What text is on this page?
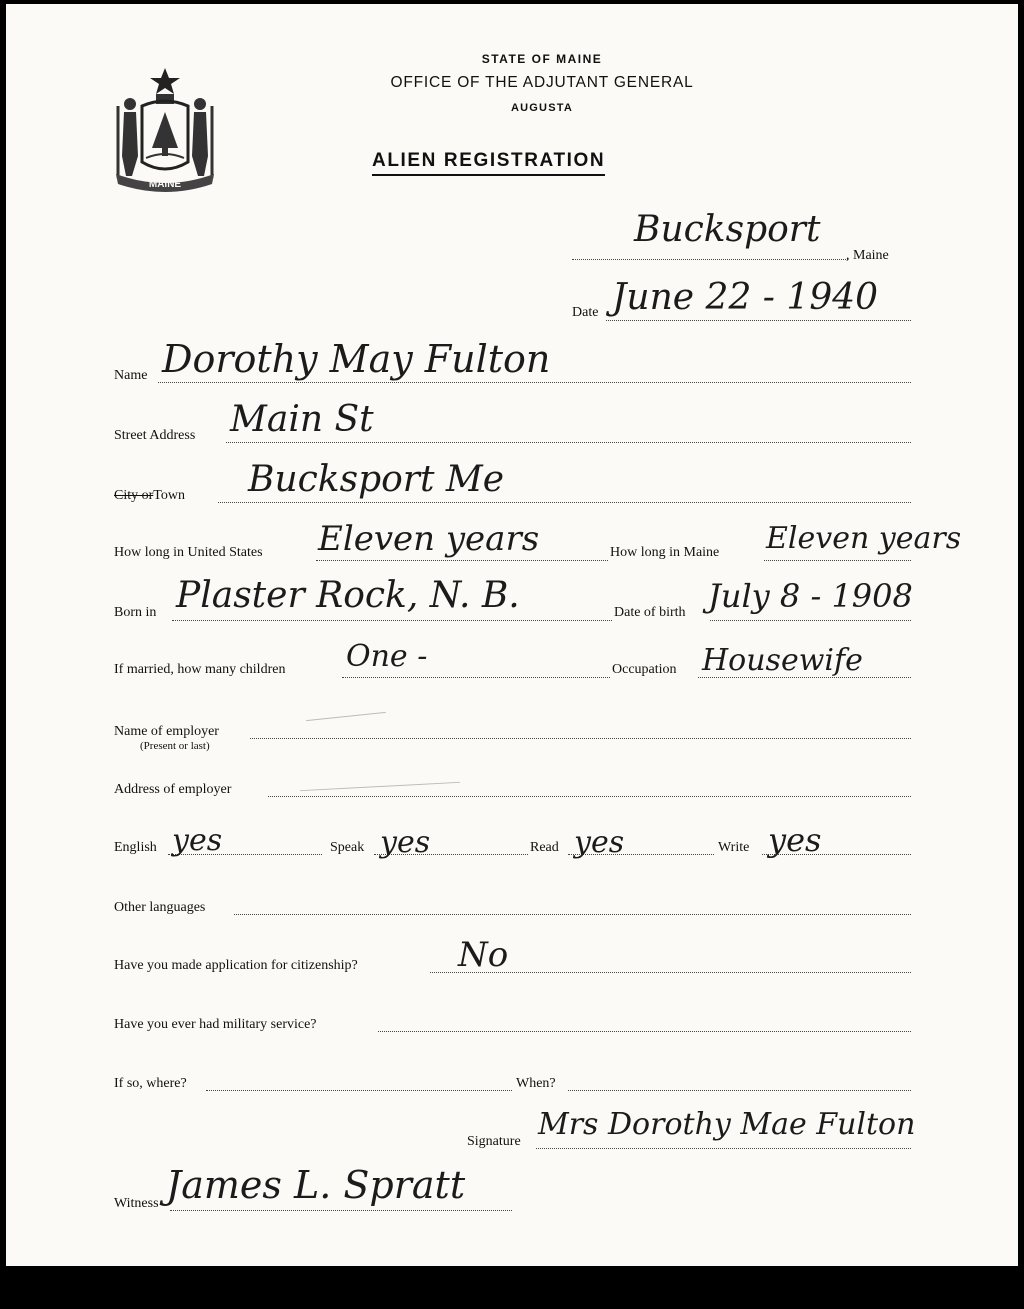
MAINE
STATE OF MAINE
OFFICE OF THE ADJUTANT GENERAL
AUGUSTA
ALIEN REGISTRATION
Bucksport
, Maine
Date June 22 - 1940
Name Dorothy May Fulton
Street Address Main St
City orTown Bucksport Me
How long in United States Eleven years	How long in Maine Eleven years
Born in Plaster Rock, N. B.	Date of birth July 8 - 1908
If married, how many children One -	Occupation Housewife
Name of employer
(Present or last)
Address of employer
English yes	Speak yes	Read yes	Write yes
Other languages
Have you made application for citizenship?	No
Have you ever had military service?
If so, where?	When?
Signature Mrs Dorothy Mae Fulton
Witness James L. Spratt
